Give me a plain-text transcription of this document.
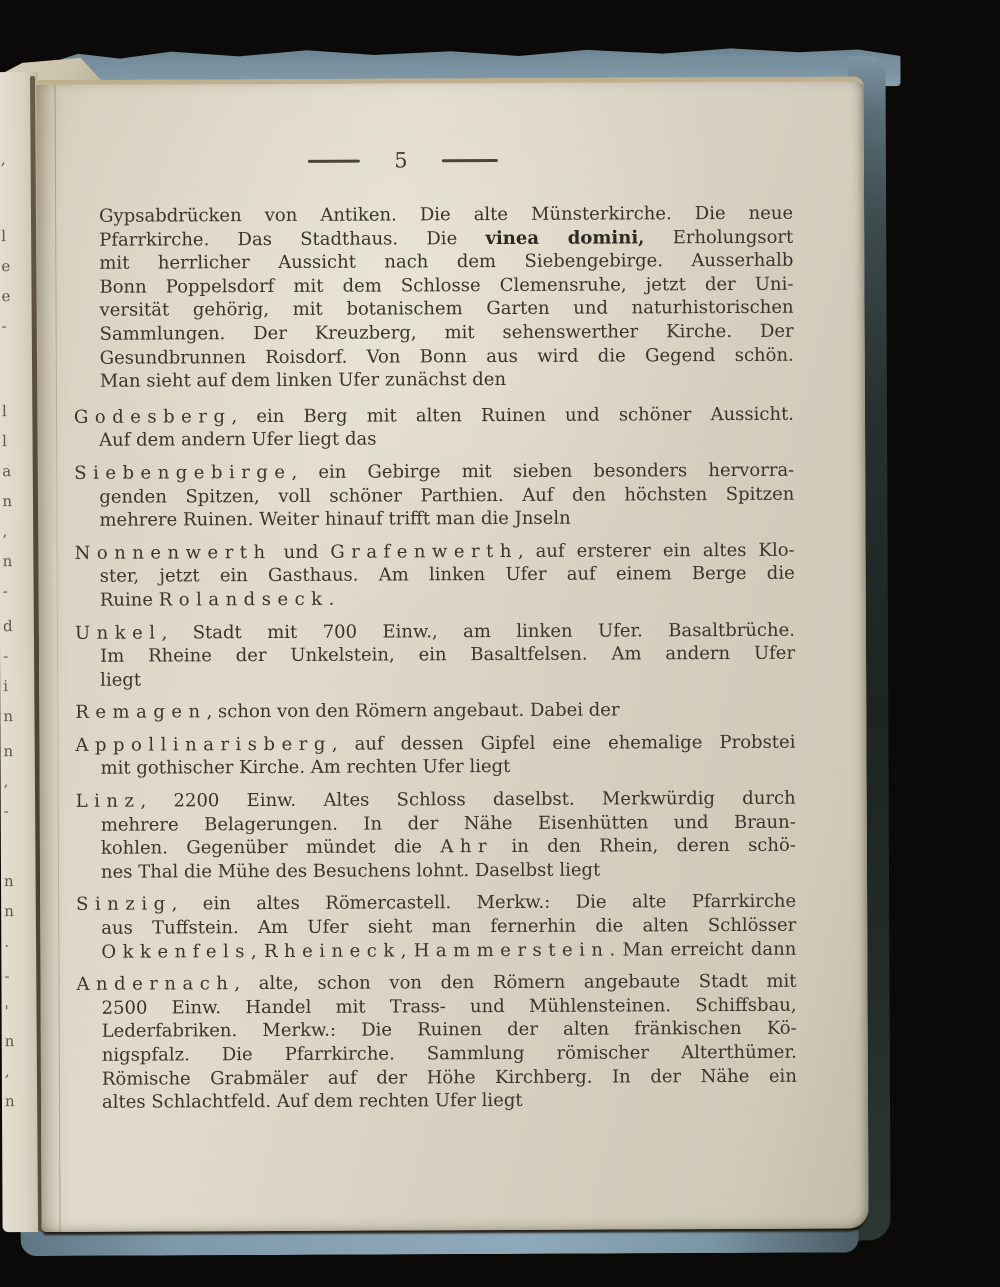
,
l
e
e
-
l
l
a
n
,
n
-
d
-
i
n
n
,
-
n
n
·
-
'
n
,
n
5
Gypsabdrücken von Antiken. Die alte Münsterkirche. Die neue
Pfarrkirche. Das Stadthaus. Die vinea domini, Erholungsort
mit herrlicher Aussicht nach dem Siebengebirge. Ausserhalb
Bonn Poppelsdorf mit dem Schlosse Clemensruhe, jetzt der Uni-
versität gehörig, mit botanischem Garten und naturhistorischen
Sammlungen. Der Kreuzberg, mit sehenswerther Kirche. Der
Gesundbrunnen Roisdorf. Von Bonn aus wird die Gegend schön.
Man sieht auf dem linken Ufer zunächst den
Godesberg, ein Berg mit alten Ruinen und schöner Aussicht.
Auf dem andern Ufer liegt das
Siebengebirge, ein Gebirge mit sieben besonders hervorra-
genden Spitzen, voll schöner Parthien. Auf den höchsten Spitzen
mehrere Ruinen. Weiter hinauf trifft man die Jnseln
Nonnenwerth und Grafenwerth, auf ersterer ein altes Klo-
ster, jetzt ein Gasthaus. Am linken Ufer auf einem Berge die
Ruine Rolandseck.
Unkel, Stadt mit 700 Einw., am linken Ufer. Basaltbrüche.
Im Rheine der Unkelstein, ein Basaltfelsen. Am andern Ufer
liegt
Remagen, schon von den Römern angebaut. Dabei der
Appollinarisberg, auf dessen Gipfel eine ehemalige Probstei
mit gothischer Kirche. Am rechten Ufer liegt
Linz, 2200 Einw. Altes Schloss daselbst. Merkwürdig durch
mehrere Belagerungen. In der Nähe Eisenhütten und Braun-
kohlen. Gegenüber mündet die Ahr in den Rhein, deren schö-
nes Thal die Mühe des Besuchens lohnt. Daselbst liegt
Sinzig, ein altes Römercastell. Merkw.: Die alte Pfarrkirche
aus Tuffstein. Am Ufer sieht man fernerhin die alten Schlösser
Okkenfels, Rheineck, Hammerstein. Man erreicht dann
Andernach, alte, schon von den Römern angebaute Stadt mit
2500 Einw. Handel mit Trass- und Mühlensteinen. Schiffsbau,
Lederfabriken. Merkw.: Die Ruinen der alten fränkischen Kö-
nigspfalz. Die Pfarrkirche. Sammlung römischer Alterthümer.
Römische Grabmäler auf der Höhe Kirchberg. In der Nähe ein
altes Schlachtfeld. Auf dem rechten Ufer liegt
